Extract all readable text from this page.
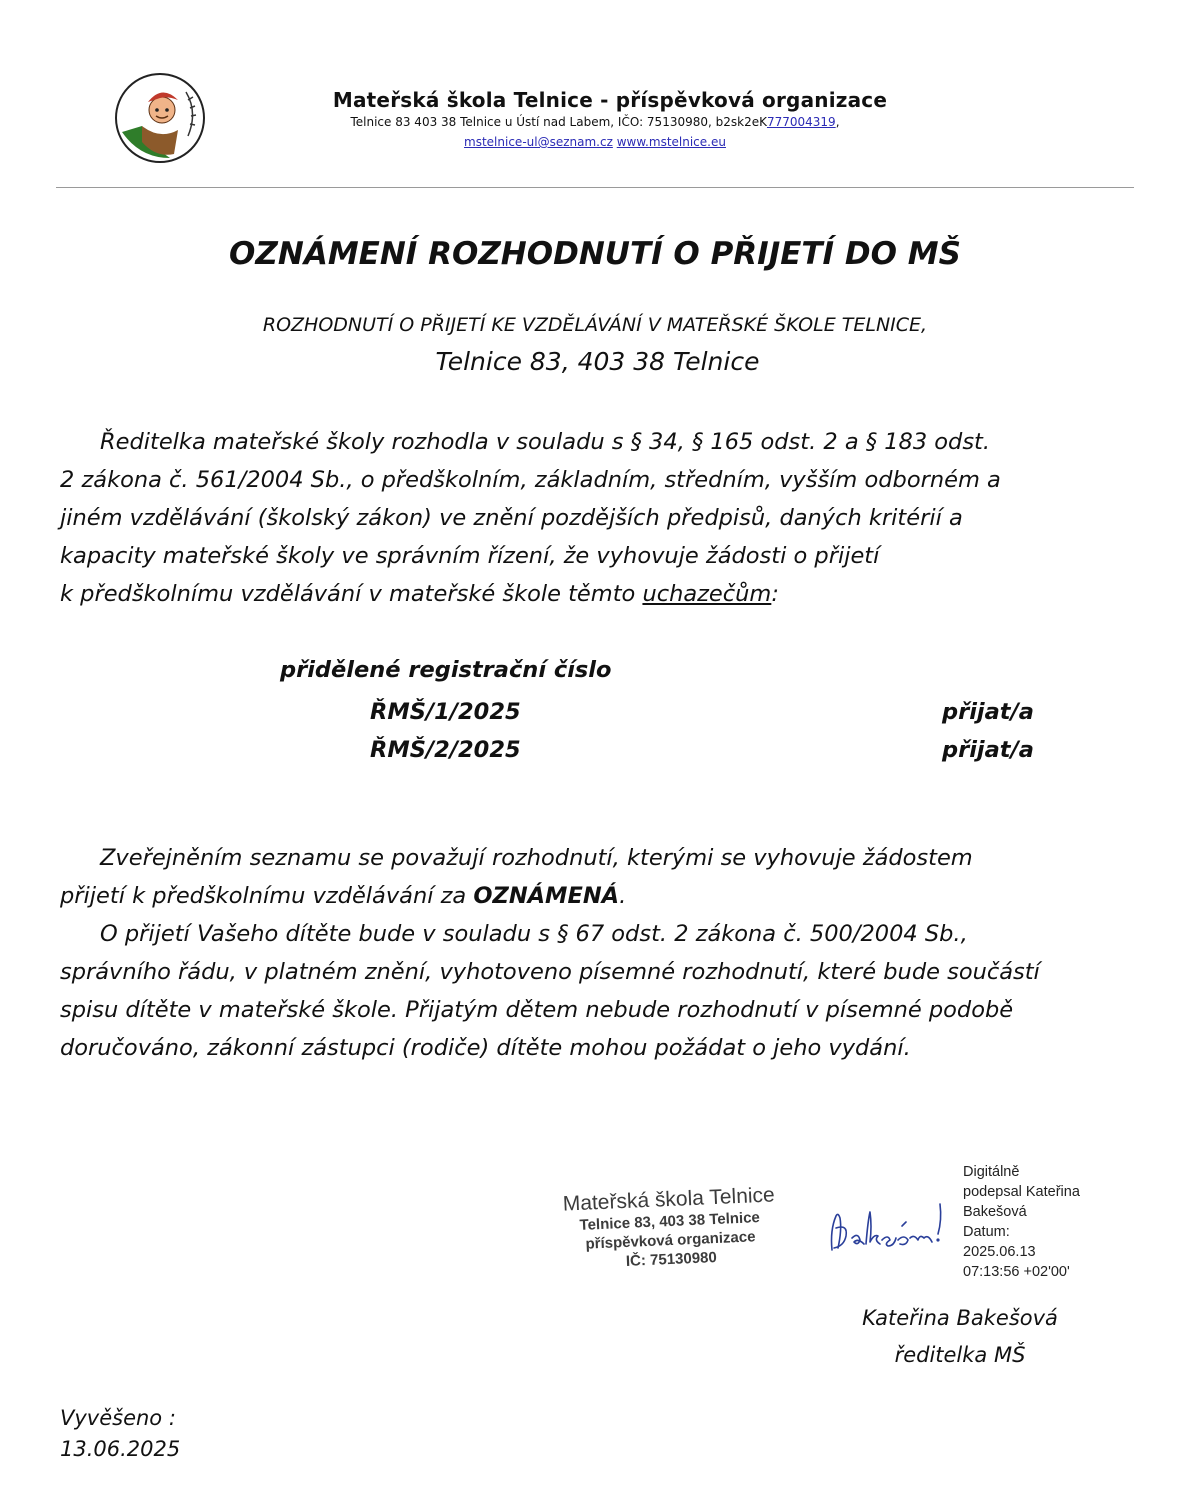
Mateřská škola Telnice - příspěvková organizace
Telnice 83 403 38 Telnice u Ústí nad Labem, IČO: 75130980, b2sk2eK777004319,
mstelnice-ul@seznam.cz www.mstelnice.eu
OZNÁMENÍ ROZHODNUTÍ O PŘIJETÍ DO MŠ
ROZHODNUTÍ O PŘIJETÍ KE VZDĚLÁVÁNÍ V MATEŘSKÉ ŠKOLE TELNICE,
Telnice 83, 403 38 Telnice
Ředitelka mateřské školy rozhodla v souladu s § 34, § 165 odst. 2 a § 183 odst.
2 zákona č. 561/2004 Sb., o předškolním, základním, středním, vyšším odborném a
jiném vzdělávání (školský zákon) ve znění pozdějších předpisů, daných kritérií a
kapacity mateřské školy ve správním řízení, že vyhovuje žádosti o přijetí
k předškolnímu vzdělávání v mateřské škole těmto uchazečům:
přidělené registrační číslo
ŘMŠ/1/2025	přijat/a
ŘMŠ/2/2025	přijat/a
Zveřejněním seznamu se považují rozhodnutí, kterými se vyhovuje žádostem
přijetí k předškolnímu vzdělávání za OZNÁMENÁ.
O přijetí Vašeho dítěte bude v souladu s § 67 odst. 2 zákona č. 500/2004 Sb.,
správního řádu, v platném znění, vyhotoveno písemné rozhodnutí, které bude součástí
spisu dítěte v mateřské škole. Přijatým dětem nebude rozhodnutí v písemné podobě
doručováno, zákonní zástupci (rodiče) dítěte mohou požádat o jeho vydání.
Mateřská škola Telnice
Telnice 83, 403 38 Telnice
příspěvková organizace
IČ: 75130980
Digitálně
podepsal Kateřina
Bakešová
Datum:
2025.06.13
07:13:56 +02'00'
Kateřina Bakešová
ředitelka MŠ
Vyvěšeno :
13.06.2025
